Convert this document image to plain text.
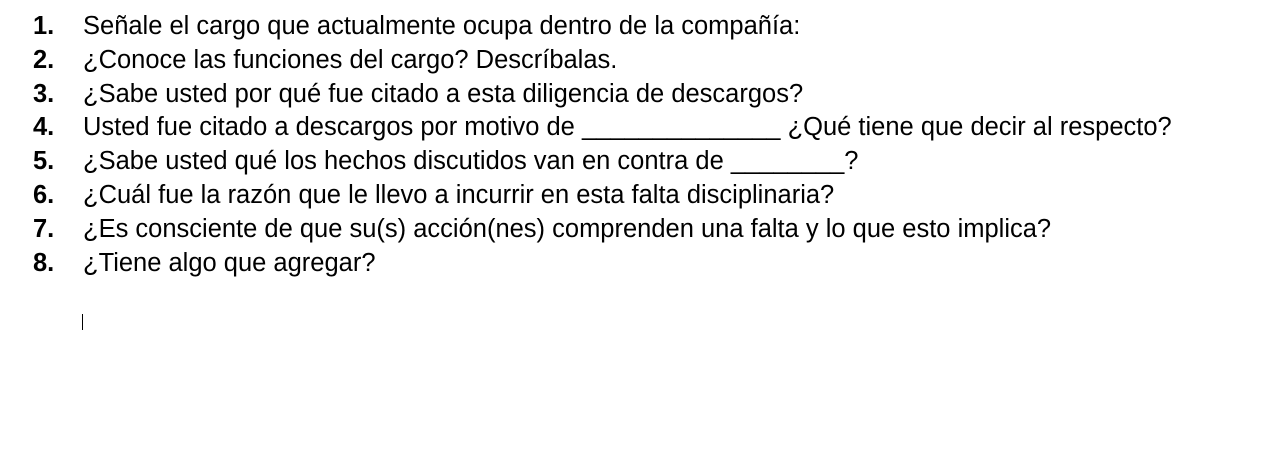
1. Señale el cargo que actualmente ocupa dentro de la compañía:
2. ¿Conoce las funciones del cargo? Descríbalas.
3. ¿Sabe usted por qué fue citado a esta diligencia de descargos?
4. Usted fue citado a descargos por motivo de ______________ ¿Qué tiene que decir al respecto?
5. ¿Sabe usted qué los hechos discutidos van en contra de ________?
6. ¿Cuál fue la razón que le llevo a incurrir en esta falta disciplinaria?
7. ¿Es consciente de que su(s) acción(nes) comprenden una falta y lo que esto implica?
8. ¿Tiene algo que agregar?
